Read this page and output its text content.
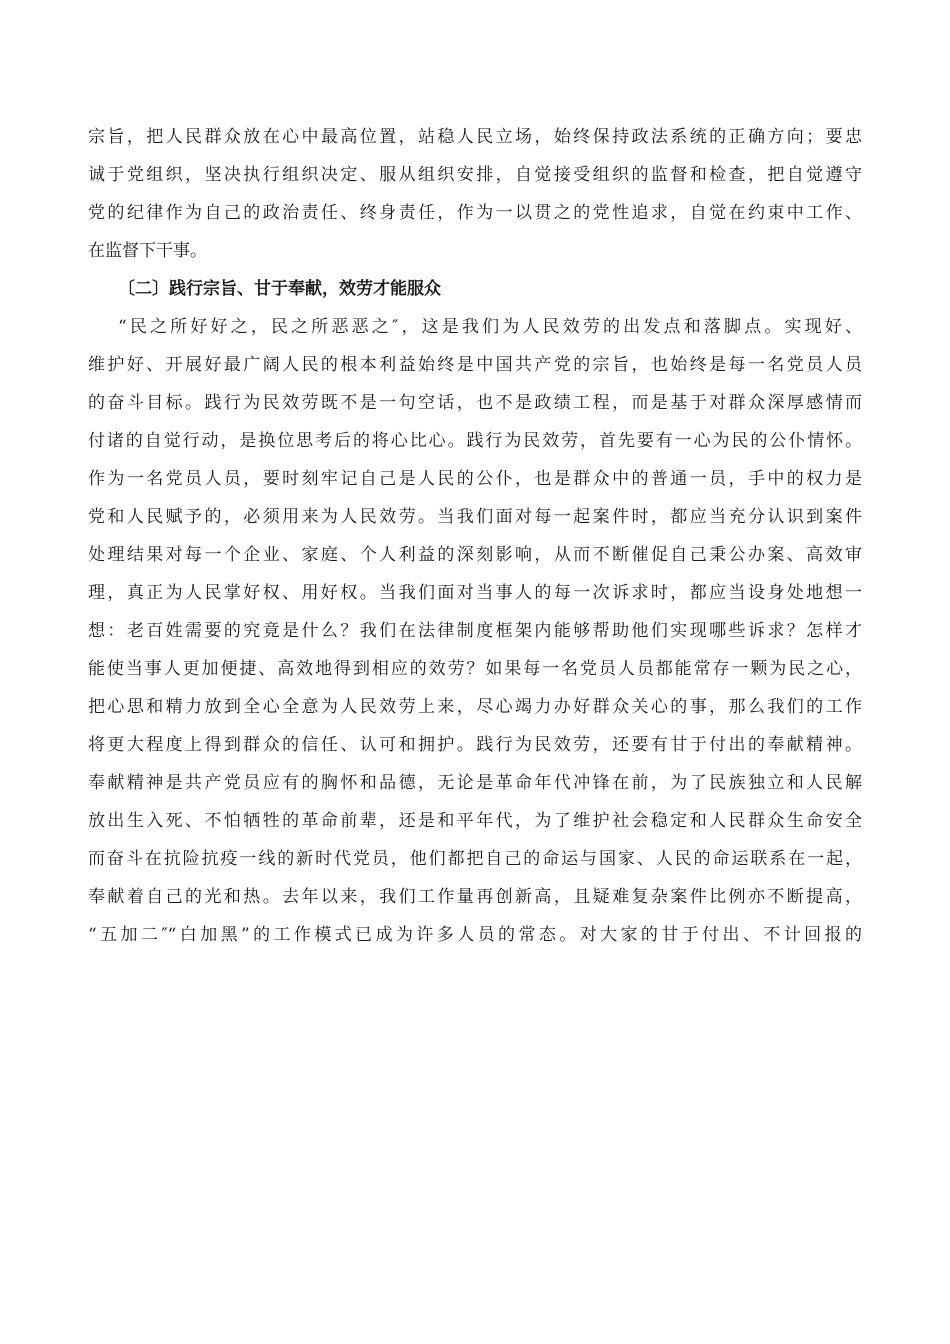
宗旨，把人民群众放在心中最高位置，站稳人民立场，始终保持政法系统的正确方向；要忠
诚于党组织，坚决执行组织决定、服从组织安排，自觉接受组织的监督和检查，把自觉遵守
党的纪律作为自己的政治责任、终身责任，作为一以贯之的党性追求，自觉在约束中工作、
在监督下干事。
〔二〕践行宗旨、甘于奉献，效劳才能服众
“民之所好好之，民之所恶恶之″，这是我们为人民效劳的出发点和落脚点。实现好、
维护好、开展好最广阔人民的根本利益始终是中国共产党的宗旨，也始终是每一名党员人员
的奋斗目标。践行为民效劳既不是一句空话，也不是政绩工程，而是基于对群众深厚感情而
付诸的自觉行动，是换位思考后的将心比心。践行为民效劳，首先要有一心为民的公仆情怀。
作为一名党员人员，要时刻牢记自己是人民的公仆，也是群众中的普通一员，手中的权力是
党和人民赋予的，必须用来为人民效劳。当我们面对每一起案件时，都应当充分认识到案件
处理结果对每一个企业、家庭、个人利益的深刻影响，从而不断催促自己秉公办案、高效审
理，真正为人民掌好权、用好权。当我们面对当事人的每一次诉求时，都应当设身处地想一
想：老百姓需要的究竟是什么？我们在法律制度框架内能够帮助他们实现哪些诉求？怎样才
能使当事人更加便捷、高效地得到相应的效劳？如果每一名党员人员都能常存一颗为民之心，
把心思和精力放到全心全意为人民效劳上来，尽心竭力办好群众关心的事，那么我们的工作
将更大程度上得到群众的信任、认可和拥护。践行为民效劳，还要有甘于付出的奉献精神。
奉献精神是共产党员应有的胸怀和品德，无论是革命年代冲锋在前，为了民族独立和人民解
放出生入死、不怕牺牲的革命前辈，还是和平年代，为了维护社会稳定和人民群众生命安全
而奋斗在抗险抗疫一线的新时代党员，他们都把自己的命运与国家、人民的命运联系在一起，
奉献着自己的光和热。去年以来，我们工作量再创新高，且疑难复杂案件比例亦不断提高，
“五加二″“白加黑”的工作模式已成为许多人员的常态。对大家的甘于付出、不计回报的
